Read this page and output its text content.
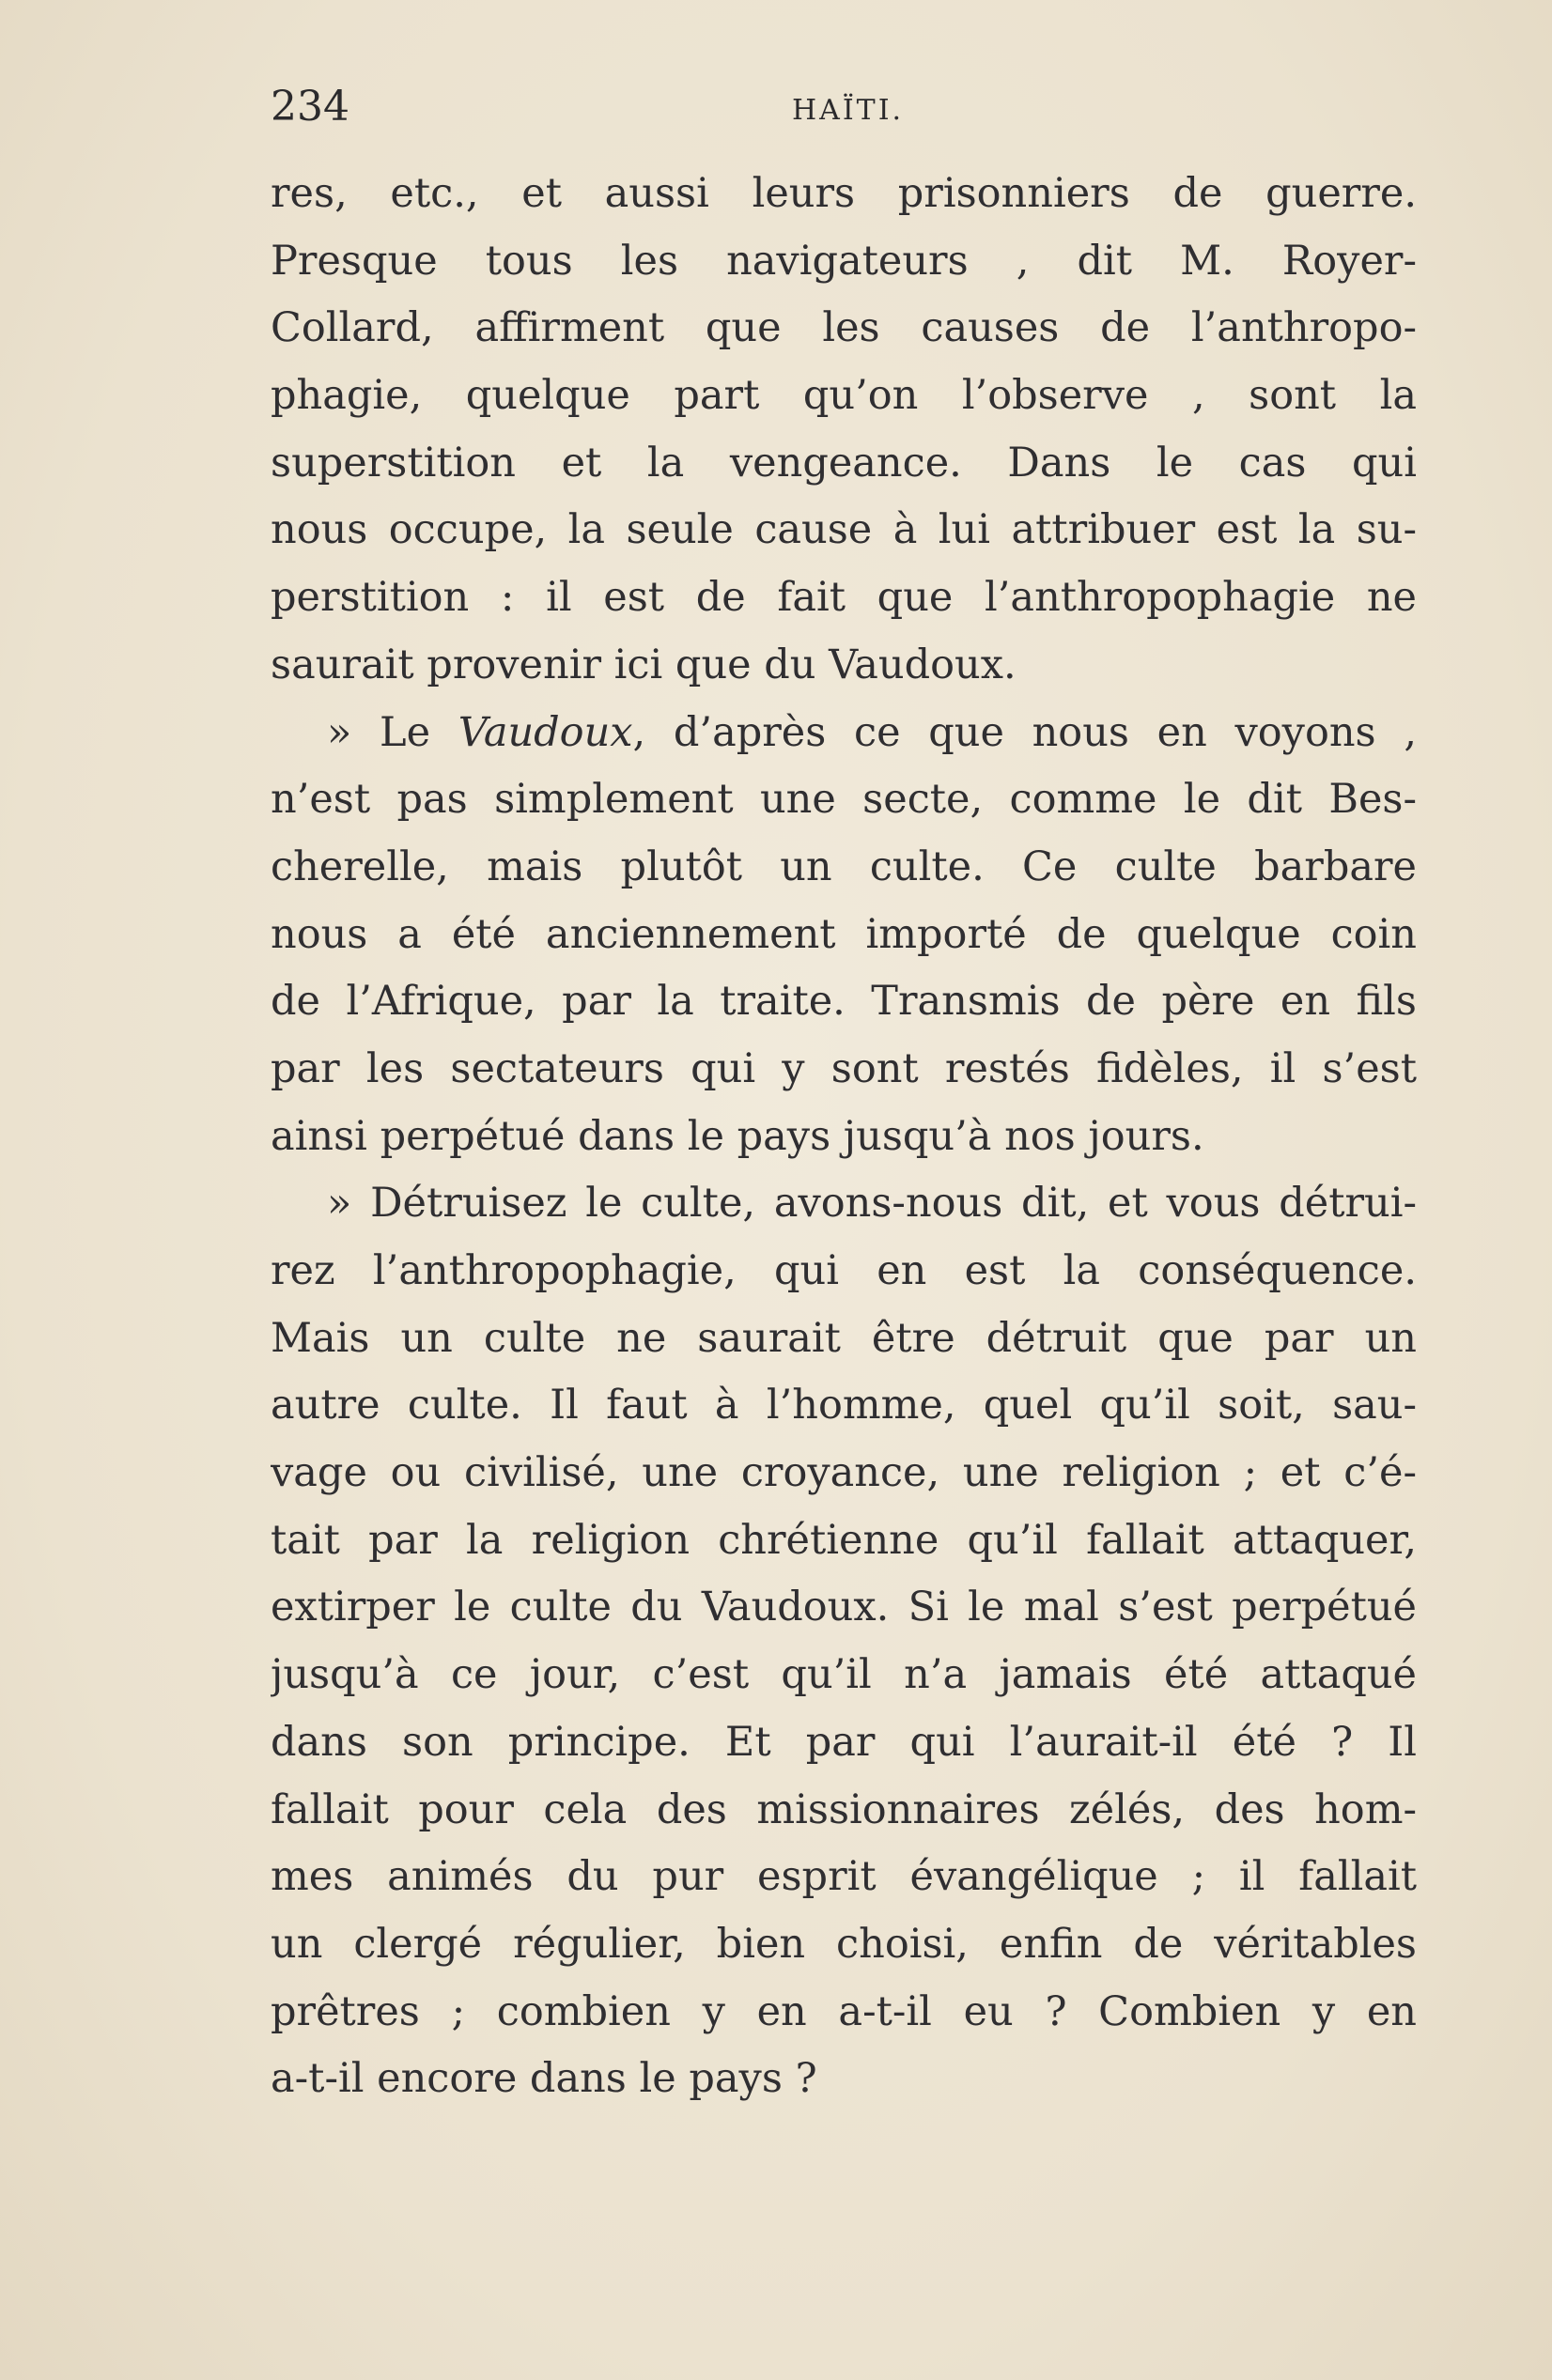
234	HAÏTI.
res, etc., et aussi leurs prisonniers de guerre.
Presque tous les navigateurs , dit M. Royer-
Collard, affirment que les causes de l’anthropo-
phagie, quelque part qu’on l’observe , sont la
superstition et la vengeance. Dans le cas qui
nous occupe, la seule cause à lui attribuer est la su-
perstition : il est de fait que l’anthropophagie ne
saurait provenir ici que du Vaudoux.
» Le Vaudoux, d’après ce que nous en voyons ,
n’est pas simplement une secte, comme le dit Bes-
cherelle, mais plutôt un culte. Ce culte barbare
nous a été anciennement importé de quelque coin
de l’Afrique, par la traite. Transmis de père en fils
par les sectateurs qui y sont restés fidèles, il s’est
ainsi perpétué dans le pays jusqu’à nos jours.
» Détruisez le culte, avons-nous dit, et vous détrui-
rez l’anthropophagie, qui en est la conséquence.
Mais un culte ne saurait être détruit que par un
autre culte. Il faut à l’homme, quel qu’il soit, sau-
vage ou civilisé, une croyance, une religion ; et c’é-
tait par la religion chrétienne qu’il fallait attaquer,
extirper le culte du Vaudoux. Si le mal s’est perpétué
jusqu’à ce jour, c’est qu’il n’a jamais été attaqué
dans son principe. Et par qui l’aurait-il été ? Il
fallait pour cela des missionnaires zélés, des hom-
mes animés du pur esprit évangélique ; il fallait
un clergé régulier, bien choisi, enfin de véritables
prêtres ; combien y en a-t-il eu ? Combien y en
a-t-il encore dans le pays ?
